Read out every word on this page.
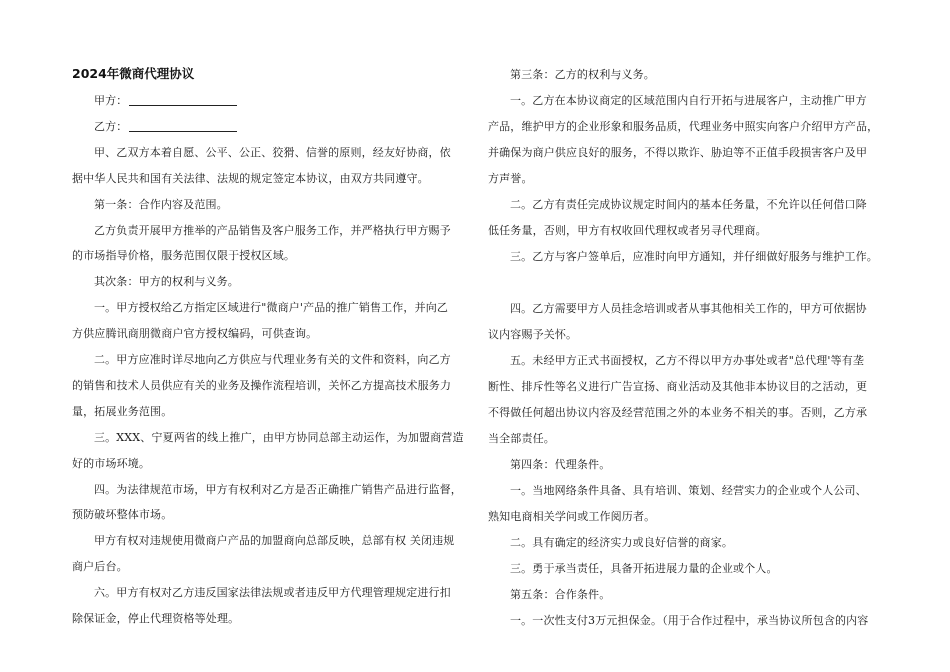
2024年微商代理协议
甲方：
乙方：
甲、乙双方本着自愿、公平、公正、狡猾、信誉的原则，经友好协商，依
据中华人民共和国有关法律、法规的规定签定本协议，由双方共同遵守。
第一条：合作内容及范围。
乙方负责开展甲方推举的产品销售及客户服务工作，并严格执行甲方赐予
的市场指导价格，服务范围仅限于授权区域。
其次条：甲方的权利与义务。
一。甲方授权给乙方指定区域进行"微商户'产品的推广销售工作，并向乙
方供应腾讯商朋微商户官方授权编码，可供查询。
二。甲方应准时详尽地向乙方供应与代理业务有关的文件和资料，向乙方
的销售和技术人员供应有关的业务及操作流程培训，关怀乙方提高技术服务力
量，拓展业务范围。
三。XXX、宁夏两省的线上推广，由甲方协同总部主动运作，为加盟商营造
好的市场环境。
四。为法律规范市场，甲方有权利对乙方是否正确推广销售产品进行监督，
预防破坏整体市场。
甲方有权对违规使用微商户产品的加盟商向总部反映，总部有权 关闭违规
商户后台。
六。甲方有权对乙方违反国家法律法规或者违反甲方代理管理规定进行扣
除保证金，停止代理资格等处理。
第三条：乙方的权利与义务。
一。乙方在本协议商定的区域范围内自行开拓与进展客户，主动推广甲方
产品，维护甲方的企业形象和服务品质，代理业务中照实向客户介绍甲方产品，
并确保为商户供应良好的服务，不得以欺诈、胁迫等不正值手段损害客户及甲
方声誉。
二。乙方有责任完成协议规定时间内的基本任务量，不允许以任何借口降
低任务量，否则，甲方有权收回代理权或者另寻代理商。
三。乙方与客户签单后，应准时向甲方通知，并仔细做好服务与维护工作。
四。乙方需要甲方人员挂念培训或者从事其他相关工作的，甲方可依据协
议内容赐予关怀。
五。未经甲方正式书面授权，乙方不得以甲方办事处或者"总代理'等有垄
断性、排斥性等名义进行广告宣扬、商业活动及其他非本协议目的之活动，更
不得做任何超出协议内容及经营范围之外的本业务不相关的事。否则，乙方承
当全部责任。
第四条：代理条件。
一。当地网络条件具备、具有培训、策划、经营实力的企业或个人公司、
熟知电商相关学问或工作阅历者。
二。具有确定的经济实力或良好信誉的商家。
三。勇于承当责任，具备开拓进展力量的企业或个人。
第五条：合作条件。
一。一次性支付3万元担保金。（用于合作过程中，承当协议所包含的内容
